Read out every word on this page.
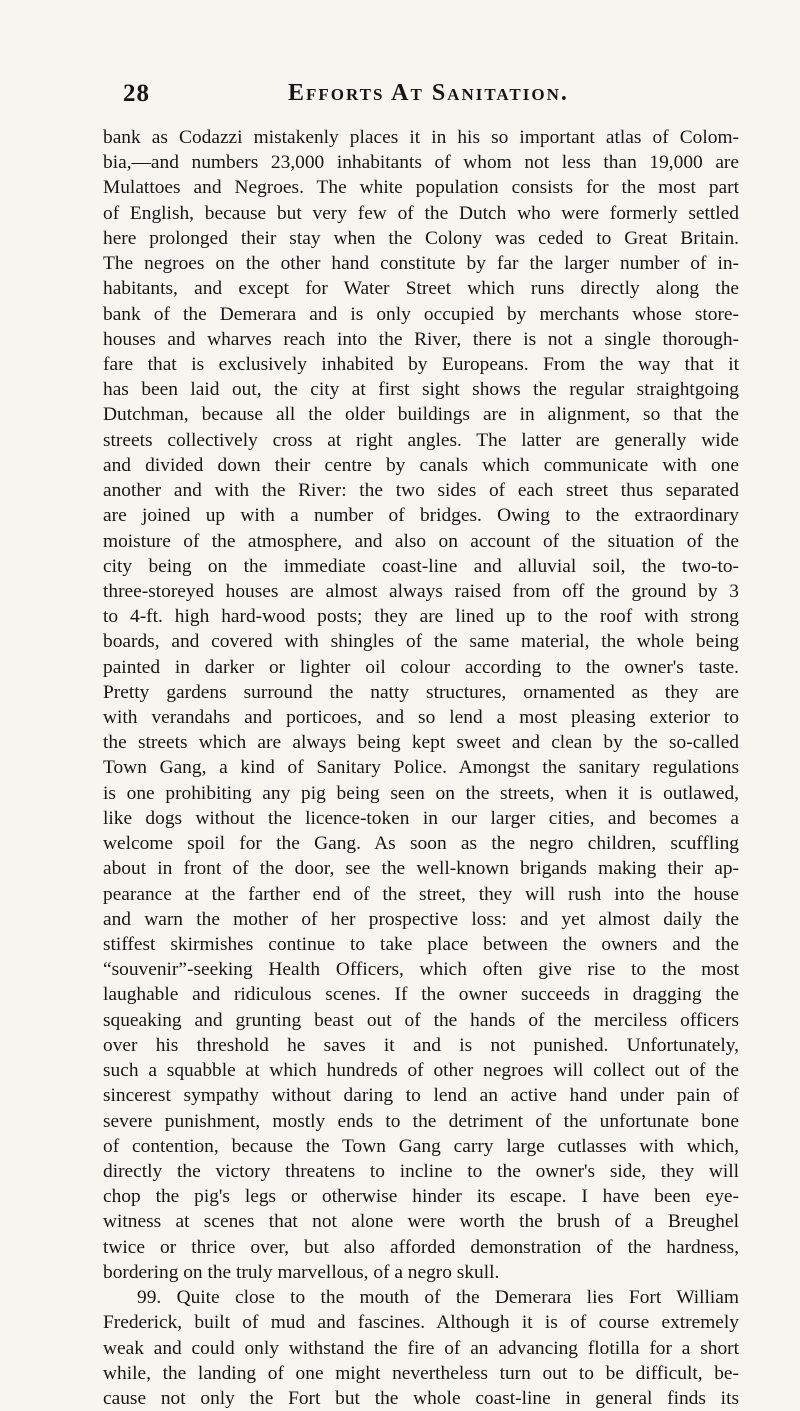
28	Efforts At Sanitation.
bank as Codazzi mistakenly places it in his so important atlas of Colom-
bia,—and numbers 23,000 inhabitants of whom not less than 19,000 are
Mulattoes and Negroes. The white population consists for the most part
of English, because but very few of the Dutch who were formerly settled
here prolonged their stay when the Colony was ceded to Great Britain.
The negroes on the other hand constitute by far the larger number of in-
habitants, and except for Water Street which runs directly along the
bank of the Demerara and is only occupied by merchants whose store-
houses and wharves reach into the River, there is not a single thorough-
fare that is exclusively inhabited by Europeans. From the way that it
has been laid out, the city at first sight shows the regular straightgoing
Dutchman, because all the older buildings are in alignment, so that the
streets collectively cross at right angles. The latter are generally wide
and divided down their centre by canals which communicate with one
another and with the River: the two sides of each street thus separated
are joined up with a number of bridges. Owing to the extraordinary
moisture of the atmosphere, and also on account of the situation of the
city being on the immediate coast-line and alluvial soil, the two-to-
three-storeyed houses are almost always raised from off the ground by 3
to 4-ft. high hard-wood posts; they are lined up to the roof with strong
boards, and covered with shingles of the same material, the whole being
painted in darker or lighter oil colour according to the owner's taste.
Pretty gardens surround the natty structures, ornamented as they are
with verandahs and porticoes, and so lend a most pleasing exterior to
the streets which are always being kept sweet and clean by the so-called
Town Gang, a kind of Sanitary Police. Amongst the sanitary regulations
is one prohibiting any pig being seen on the streets, when it is outlawed,
like dogs without the licence-token in our larger cities, and becomes a
welcome spoil for the Gang. As soon as the negro children, scuffling
about in front of the door, see the well-known brigands making their ap-
pearance at the farther end of the street, they will rush into the house
and warn the mother of her prospective loss: and yet almost daily the
stiffest skirmishes continue to take place between the owners and the
“souvenir”-seeking Health Officers, which often give rise to the most
laughable and ridiculous scenes. If the owner succeeds in dragging the
squeaking and grunting beast out of the hands of the merciless officers
over his threshold he saves it and is not punished. Unfortunately,
such a squabble at which hundreds of other negroes will collect out of the
sincerest sympathy without daring to lend an active hand under pain of
severe punishment, mostly ends to the detriment of the unfortunate bone
of contention, because the Town Gang carry large cutlasses with which,
directly the victory threatens to incline to the owner's side, they will
chop the pig's legs or otherwise hinder its escape. I have been eye-
witness at scenes that not alone were worth the brush of a Breughel
twice or thrice over, but also afforded demonstration of the hardness,
bordering on the truly marvellous, of a negro skull.
99. Quite close to the mouth of the Demerara lies Fort William
Frederick, built of mud and fascines. Although it is of course extremely
weak and could only withstand the fire of an advancing flotilla for a short
while, the landing of one might nevertheless turn out to be difficult, be-
cause not only the Fort but the whole coast-line in general finds its
